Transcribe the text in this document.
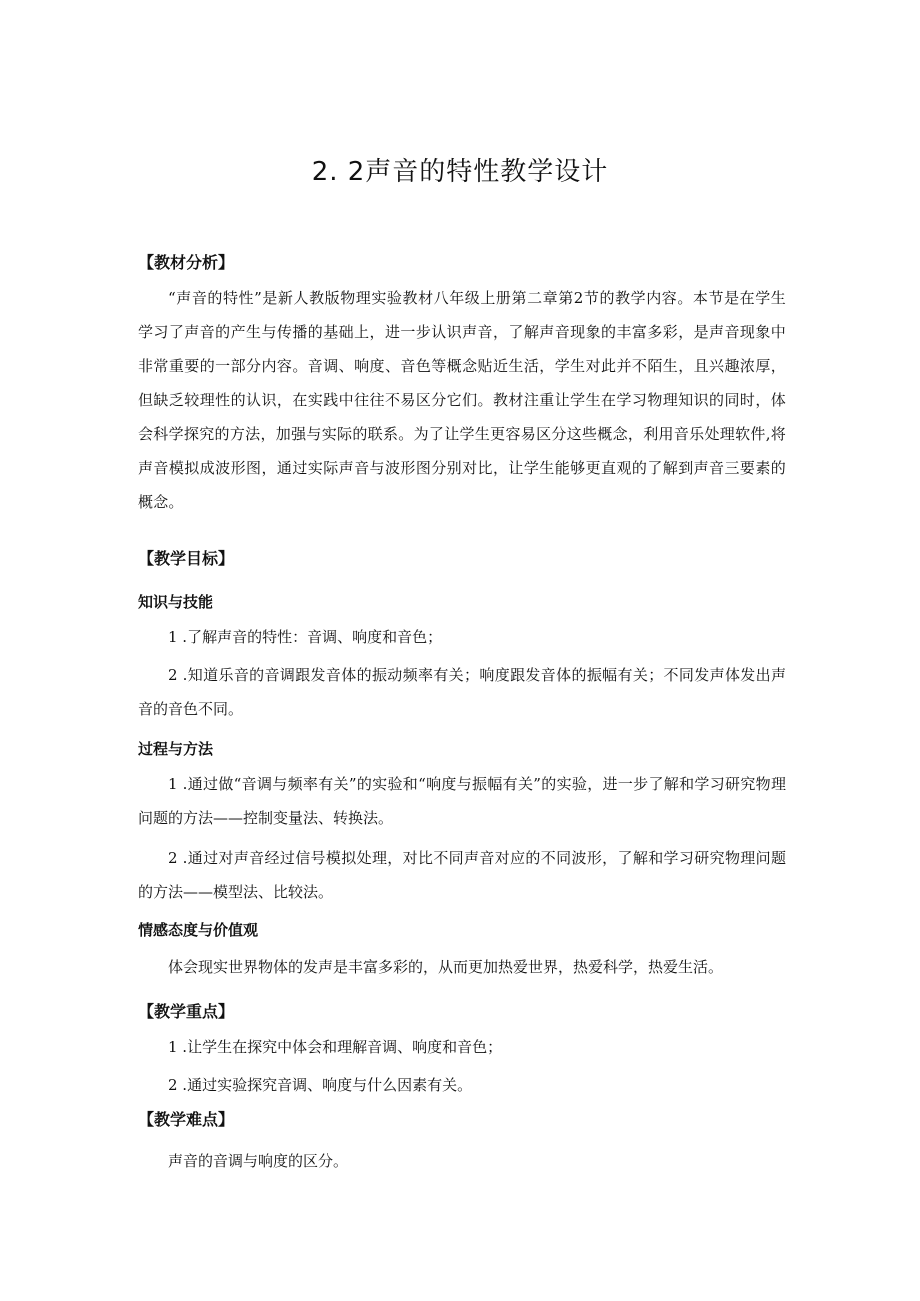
2. 2声音的特性教学设计
【教材分析】

“声音的特性”是新人教版物理实验教材八年级上册第二章第2节的教学内容。本节是在学生学习了声音的产生与传播的基础上，进一步认识声音，了解声音现象的丰富多彩，是声音现象中非常重要的一部分内容。音调、响度、音色等概念贴近生活，学生对此并不陌生，且兴趣浓厚，但缺乏较理性的认识，在实践中往往不易区分它们。教材注重让学生在学习物理知识的同时，体会科学探究的方法，加强与实际的联系。为了让学生更容易区分这些概念，利用音乐处理软件,将声音模拟成波形图，通过实际声音与波形图分别对比，让学生能够更直观的了解到声音三要素的概念。

【教学目标】
知识与技能

1 .了解声音的特性：音调、响度和音色；

2 .知道乐音的音调跟发音体的振动频率有关；响度跟发音体的振幅有关；不同发声体发出声音的音色不同。

过程与方法

1 .通过做“音调与频率有关”的实验和“响度与振幅有关”的实验，进一步了解和学习研究物理问题的方法——控制变量法、转换法。

2 .通过对声音经过信号模拟处理，对比不同声音对应的不同波形，了解和学习研究物理问题的方法——模型法、比较法。

情感态度与价值观

体会现实世界物体的发声是丰富多彩的，从而更加热爱世界，热爱科学，热爱生活。

【教学重点】

1 .让学生在探究中体会和理解音调、响度和音色；

2 .通过实验探究音调、响度与什么因素有关。

【教学难点】

声音的音调与响度的区分。
